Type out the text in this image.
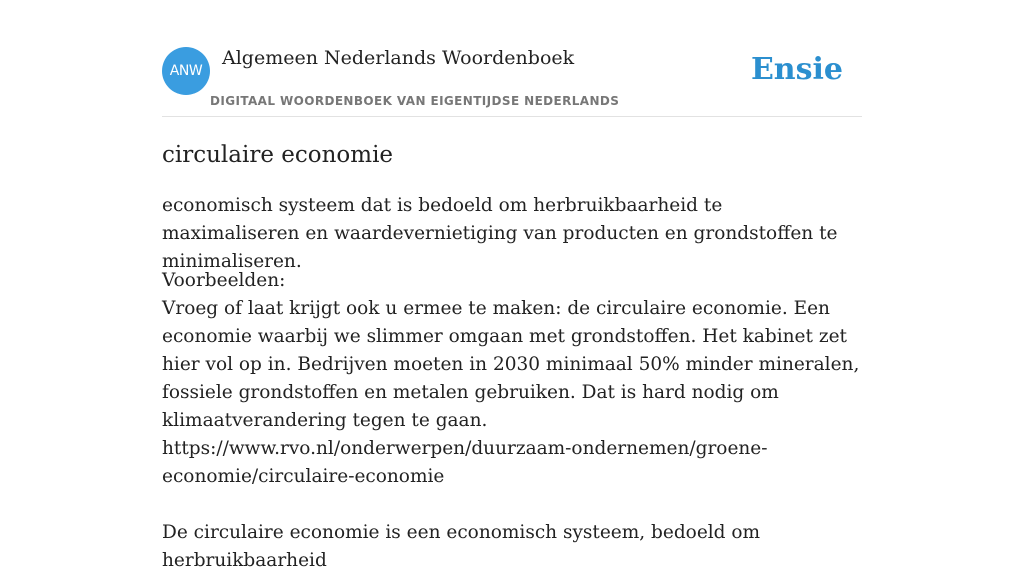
ANW
Algemeen Nederlands Woordenboek
DIGITAAL WOORDENBOEK VAN EIGENTIJDSE NEDERLANDS
Ensie
circulaire economie
economisch systeem dat is bedoeld om herbruikbaarheid te maximaliseren en waardevernietiging van producten en grondstoffen te minimaliseren.

Voorbeelden:

Vroeg of laat krijgt ook u ermee te maken: de circulaire economie. Een economie waarbij we slimmer omgaan met grondstoffen. Het kabinet zet hier vol op in. Bedrijven moeten in 2030 minimaal 50% minder mineralen, fossiele grondstoffen en metalen gebruiken. Dat is hard nodig om klimaatverandering tegen te gaan.

https://www.rvo.nl/onderwerpen/duurzaam-ondernemen/groene-
economie/circulaire-economie

De circulaire economie is een economisch systeem, bedoeld om herbruikbaarheid
